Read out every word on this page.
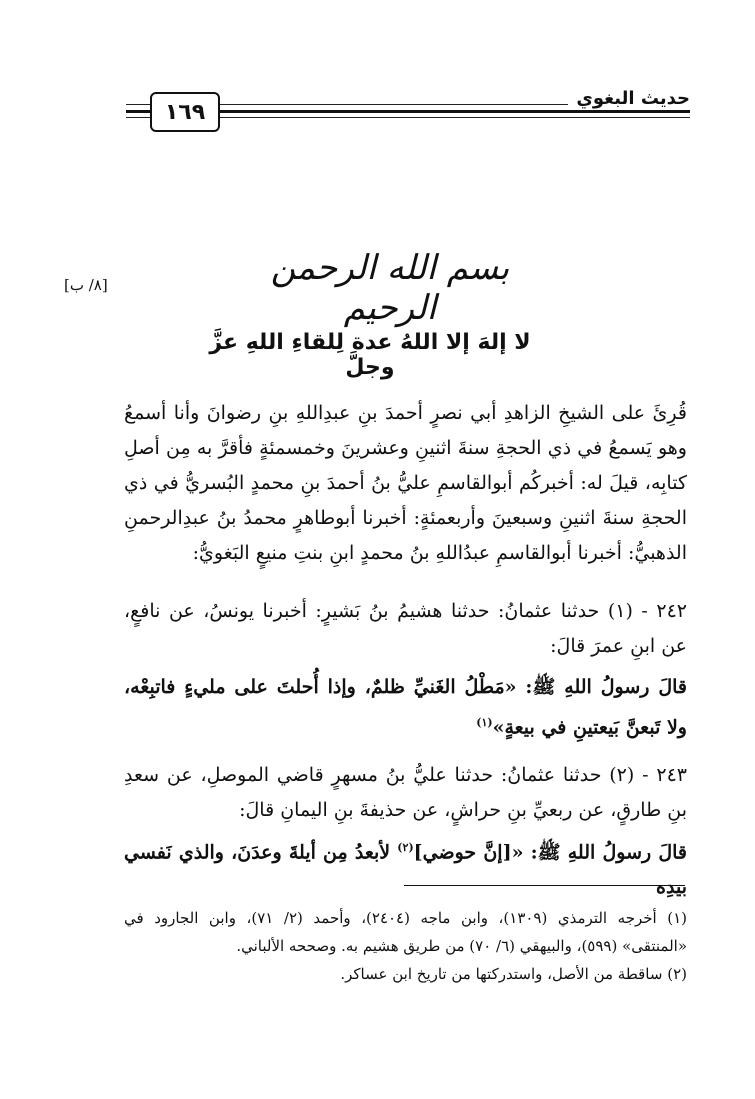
١٦٩
حديث البغوي
[٨/ ب]	بسم الله الرحمن الرحيم
لا إلهَ إلا اللهُ عدة لِلقاءِ اللهِ عزَّ وجلَّ

قُرِئَ على الشيخِ الزاهدِ أبي نصرٍ أحمدَ بنِ عبدِاللهِ بنِ رضوانَ وأنا أسمعُ وهو يَسمعُ في ذي الحجةِ سنةَ اثنينِ وعشرينَ وخمسمئةٍ فأقرَّ به مِن أصلِ كتابِه، قيلَ له: أخبركُم أبوالقاسمِ عليُّ بنُ أحمدَ بنِ محمدٍ البُسريُّ في ذي الحجةِ سنةَ اثنينِ وسبعينَ وأربعمئةٍ: أخبرنا أبوطاهرٍ محمدُ بنُ عبدِالرحمنِ الذهبيُّ: أخبرنا أبوالقاسمِ عبدُاللهِ بنُ محمدٍ ابنِ بنتِ منيعٍ البَغويُّ:

٢٤٢ - (١) حدثنا عثمانُ: حدثنا هشيمُ بنُ بَشيرٍ: أخبرنا يونسُ، عن نافعٍ، عن ابنِ عمرَ قالَ:

قالَ رسولُ اللهِ ﷺ: «مَطْلُ الغَنيِّ ظلمٌ، وإذا أُحلتَ على مليءٍ فاتبِعْه، ولا تَبعنَّ بَيعتينِ في بيعةٍ»$^{(١)}$

٢٤٣ - (٢) حدثنا عثمانُ: حدثنا عليُّ بنُ مسهرٍ قاضي الموصلِ، عن سعدِ بنِ طارقٍ، عن ربعيِّ بنِ حراشٍ، عن حذيفةَ بنِ اليمانِ قالَ:

قالَ رسولُ اللهِ ﷺ: «[إنَّ حوضي]$^{(٢)}$ لأبعدُ مِن أيلةَ وعدَنَ، والذي نَفسي بيدِه

(١) أخرجه الترمذي (١٣٠٩)، وابن ماجه (٢٤٠٤)، وأحمد (٢/ ٧١)، وابن الجارود في «المنتقى» (٥٩٩)، والبيهقي (٦/ ٧٠) من طريق هشيم به. وصححه الألباني.

(٢) ساقطة من الأصل، واستدركتها من تاريخ ابن عساكر.
